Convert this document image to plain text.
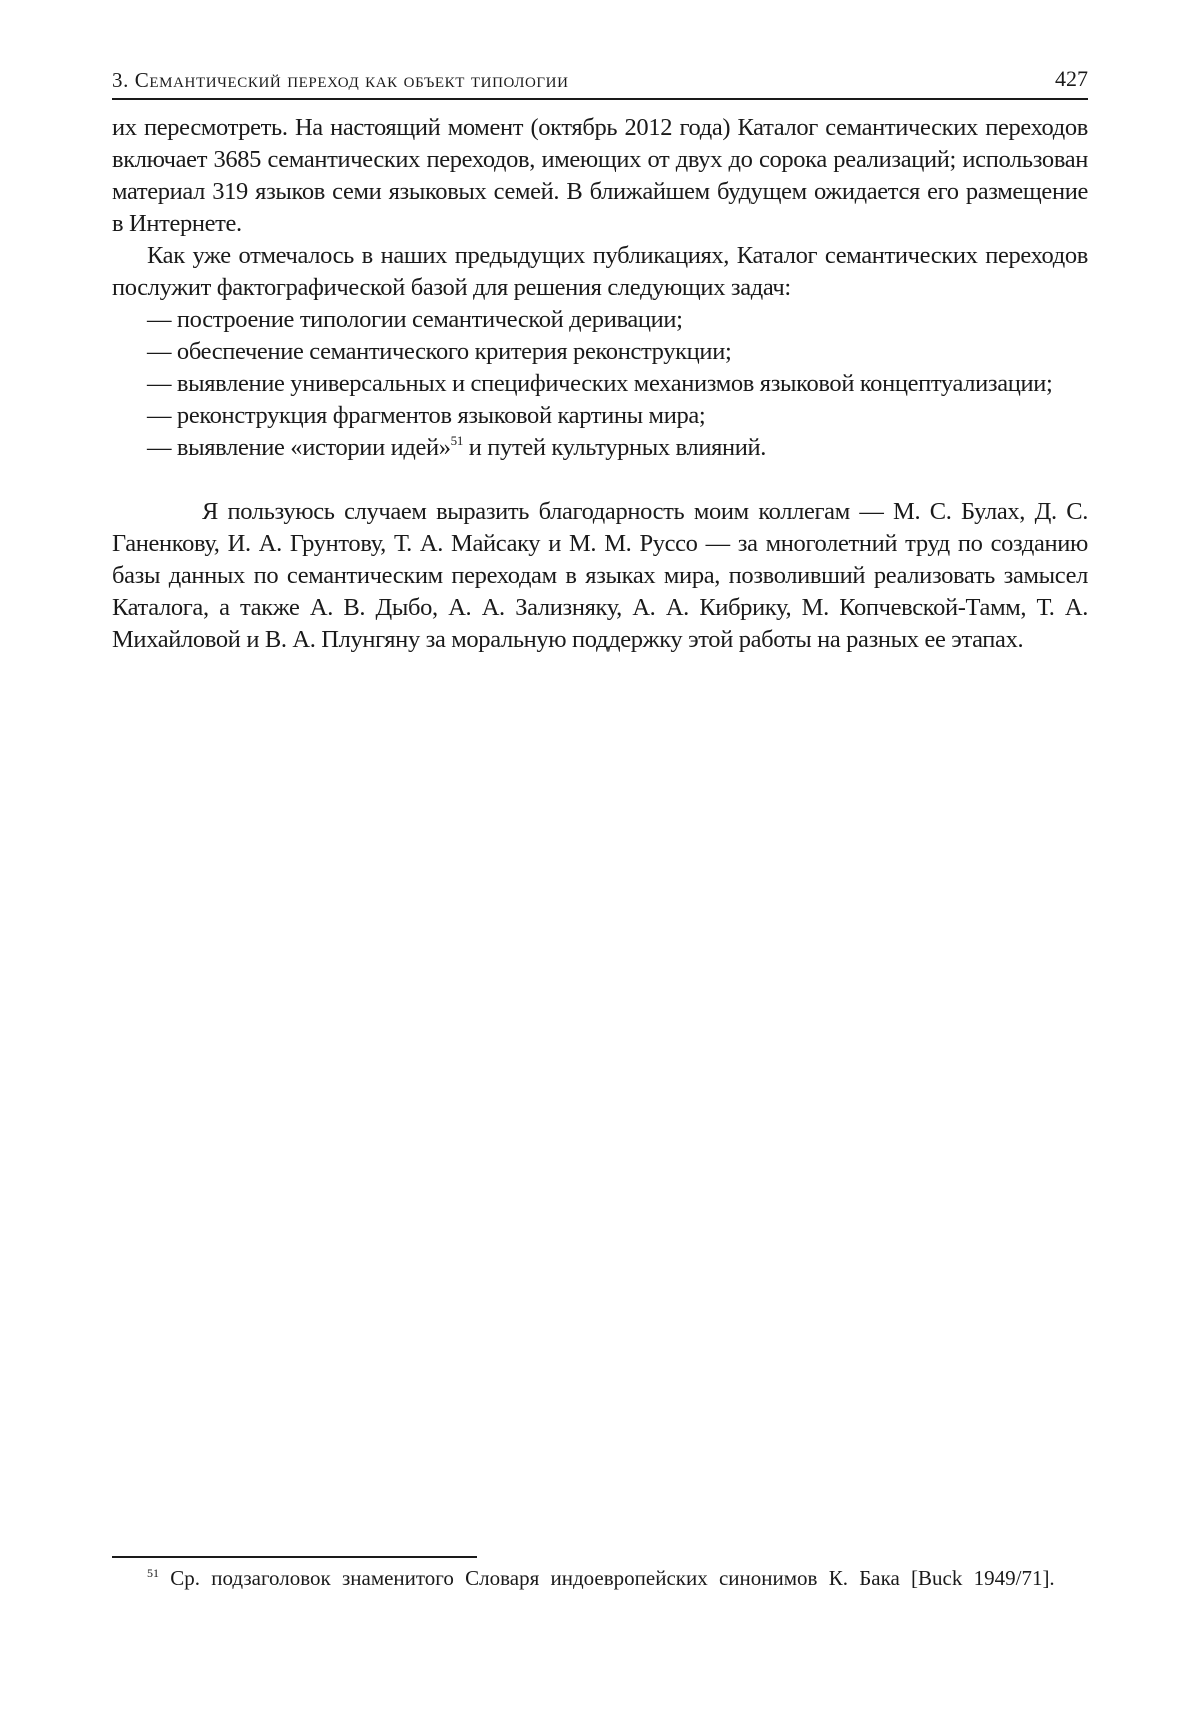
3. Семантический переход как объект типологии	427

их пересмотреть. На настоящий момент (октябрь 2012 года) Каталог семантических переходов включает 3685 семантических переходов, имеющих от двух до сорока реализаций; использован материал 319 языков семи языковых семей. В ближайшем будущем ожидается его размещение в Интернете.

Как уже отмечалось в наших предыдущих публикациях, Каталог семантических переходов послужит фактографической базой для решения следующих задач:

— построение типологии семантической деривации;

— обеспечение семантического критерия реконструкции;

— выявление универсальных и специфических механизмов языковой концептуализации;

— реконструкция фрагментов языковой картины мира;

— выявление «истории идей»$^{51}$ и путей культурных влияний.

Я пользуюсь случаем выразить благодарность моим коллегам — М. С. Булах, Д. С. Ганенкову, И. А. Грунтову, Т. А. Майсаку и М. М. Руссо — за многолетний труд по созданию базы данных по семантическим переходам в языках мира, позволивший реализовать замысел Каталога, а также А. В. Дыбо, А. А. Зализняку, А. А. Кибрику, М. Копчевской-Тамм, Т. А. Михайловой и В. А. Плунгяну за моральную поддержку этой работы на разных ее этапах.

$^{51}$ Ср. подзаголовок знаменитого Словаря индоевропейских синонимов К. Бака [Buck 1949/71].
